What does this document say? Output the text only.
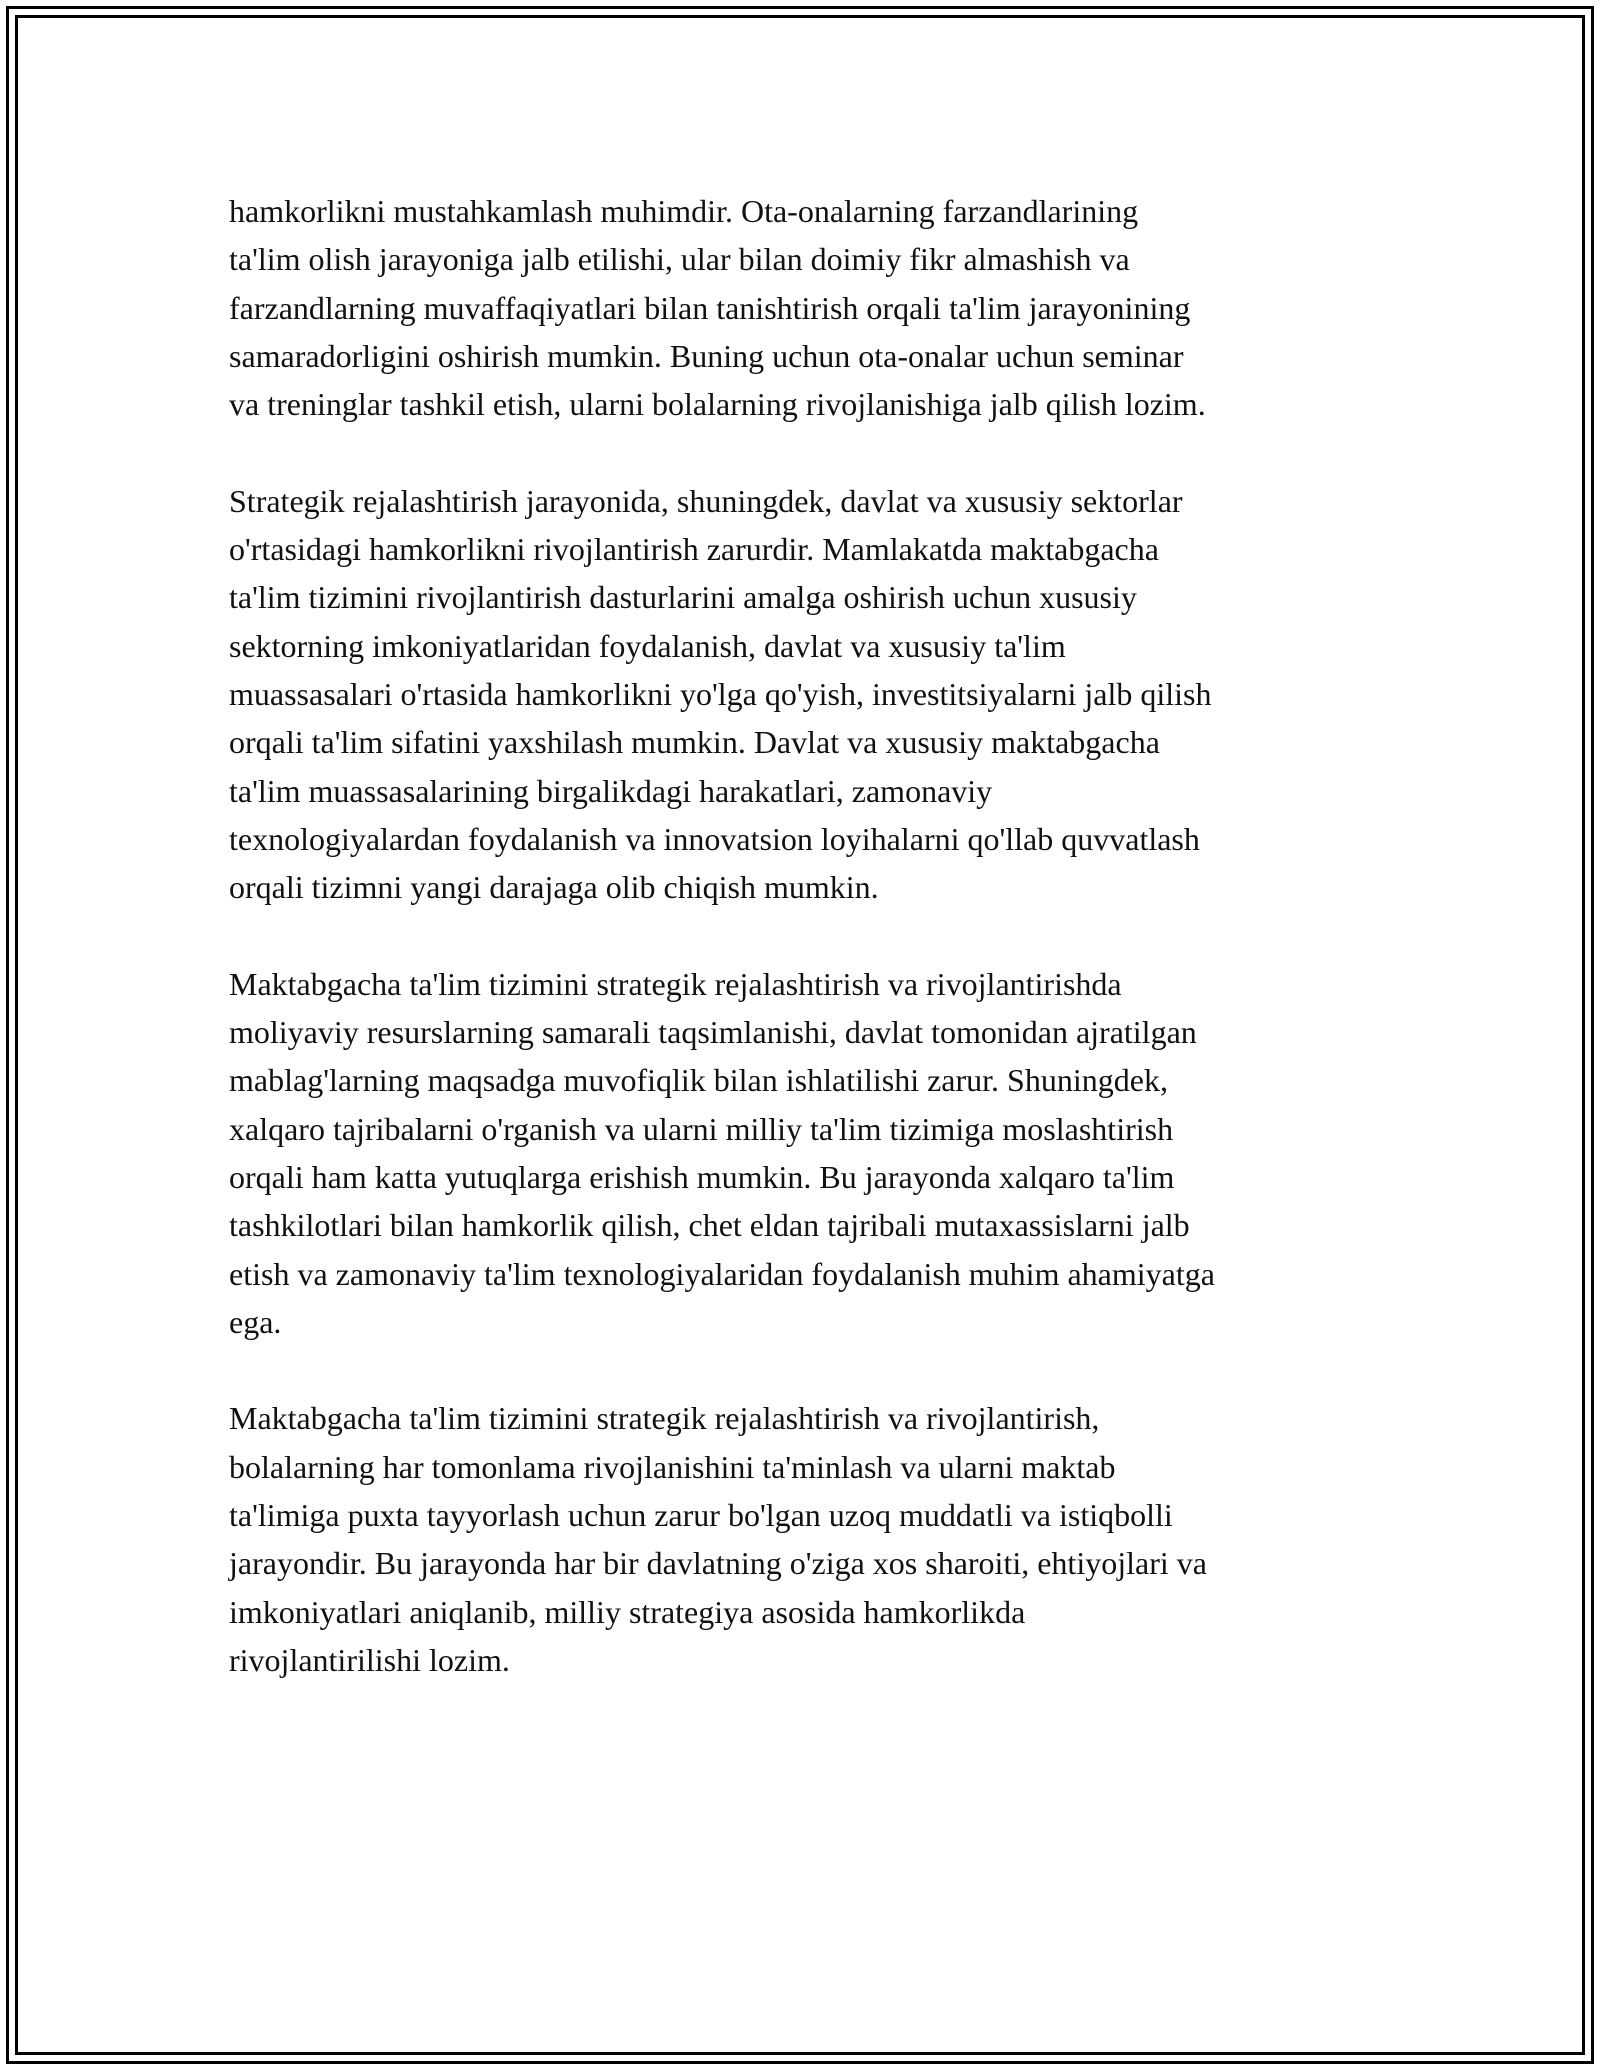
hamkorlikni mustahkamlash muhimdir. Ota-onalarning farzandlarining
ta'lim olish jarayoniga jalb etilishi, ular bilan doimiy fikr almashish va
farzandlarning muvaffaqiyatlari bilan tanishtirish orqali ta'lim jarayonining
samaradorligini oshirish mumkin. Buning uchun ota-onalar uchun seminar
va treninglar tashkil etish, ularni bolalarning rivojlanishiga jalb qilish lozim.

Strategik rejalashtirish jarayonida, shuningdek, davlat va xususiy sektorlar
o'rtasidagi hamkorlikni rivojlantirish zarurdir. Mamlakatda maktabgacha
ta'lim tizimini rivojlantirish dasturlarini amalga oshirish uchun xususiy
sektorning imkoniyatlaridan foydalanish, davlat va xususiy ta'lim
muassasalari o'rtasida hamkorlikni yo'lga qo'yish, investitsiyalarni jalb qilish
orqali ta'lim sifatini yaxshilash mumkin. Davlat va xususiy maktabgacha
ta'lim muassasalarining birgalikdagi harakatlari, zamonaviy
texnologiyalardan foydalanish va innovatsion loyihalarni qo'llab quvvatlash
orqali tizimni yangi darajaga olib chiqish mumkin.

Maktabgacha ta'lim tizimini strategik rejalashtirish va rivojlantirishda
moliyaviy resurslarning samarali taqsimlanishi, davlat tomonidan ajratilgan
mablag'larning maqsadga muvofiqlik bilan ishlatilishi zarur. Shuningdek,
xalqaro tajribalarni o'rganish va ularni milliy ta'lim tizimiga moslashtirish
orqali ham katta yutuqlarga erishish mumkin. Bu jarayonda xalqaro ta'lim
tashkilotlari bilan hamkorlik qilish, chet eldan tajribali mutaxassislarni jalb
etish va zamonaviy ta'lim texnologiyalaridan foydalanish muhim ahamiyatga
ega.

Maktabgacha ta'lim tizimini strategik rejalashtirish va rivojlantirish,
bolalarning har tomonlama rivojlanishini ta'minlash va ularni maktab
ta'limiga puxta tayyorlash uchun zarur bo'lgan uzoq muddatli va istiqbolli
jarayondir. Bu jarayonda har bir davlatning o'ziga xos sharoiti, ehtiyojlari va
imkoniyatlari aniqlanib, milliy strategiya asosida hamkorlikda
rivojlantirilishi lozim.
